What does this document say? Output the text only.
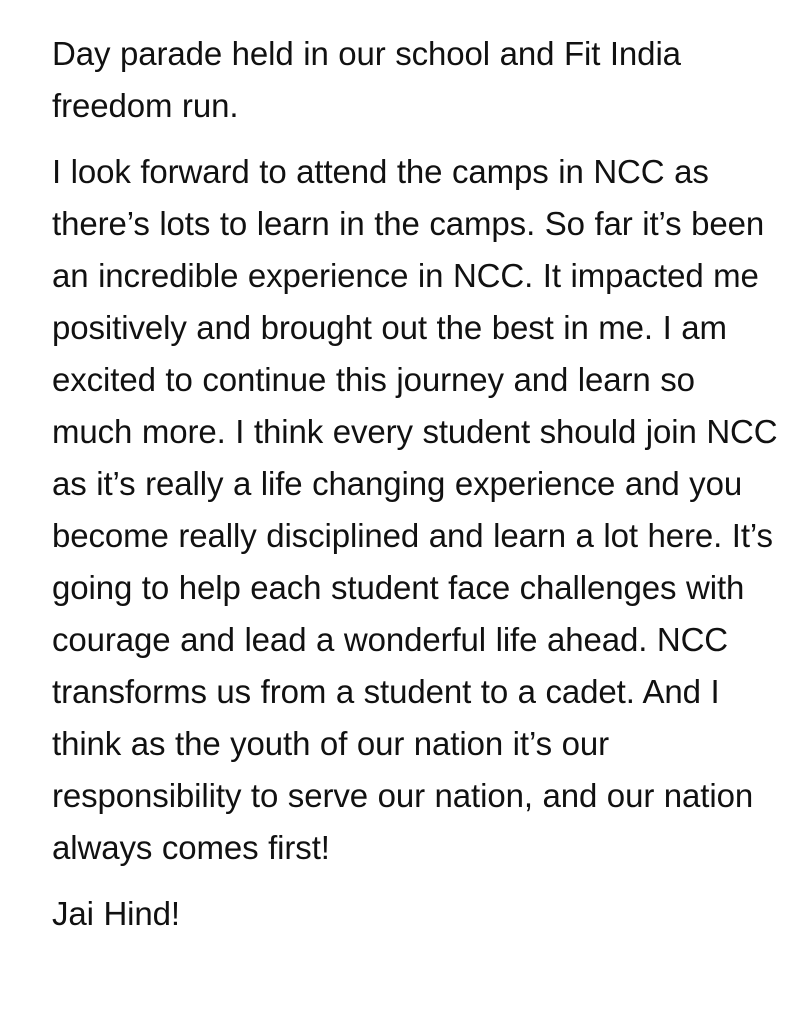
Day parade held in our school and Fit India freedom run.

I look forward to attend the camps in NCC as there’s lots to learn in the camps. So far it’s been an incredible experience in NCC. It impacted me positively and brought out the best in me. I am excited to continue this journey and learn so much more. I think every student should join NCC as it’s really a life changing experience and you become really disciplined and learn a lot here. It’s going to help each student face challenges with courage and lead a wonderful life ahead. NCC transforms us from a student to a cadet. And I think as the youth of our nation it’s our responsibility to serve our nation, and our nation always comes first!

Jai Hind!
